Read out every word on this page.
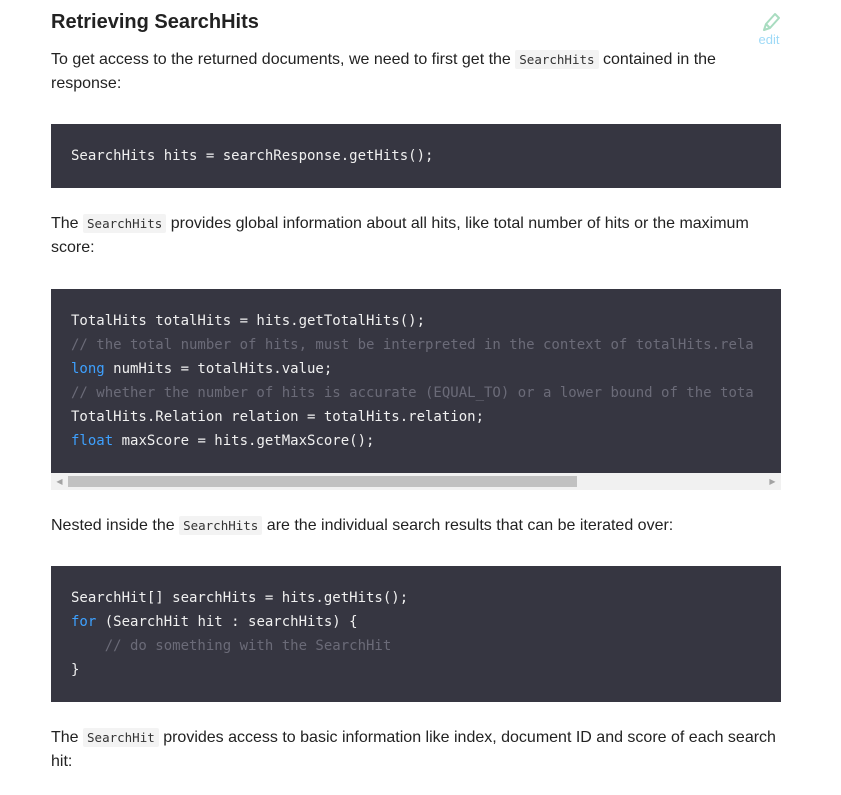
Retrieving SearchHits
edit

To get access to the returned documents, we need to first get the SearchHits contained in the response:

SearchHits hits = searchResponse.getHits();

The SearchHits provides global information about all hits, like total number of hits or the maximum score:

TotalHits totalHits = hits.getTotalHits();
// the total number of hits, must be interpreted in the context of totalHits.rela
long numHits = totalHits.value;
// whether the number of hits is accurate (EQUAL_TO) or a lower bound of the tota
TotalHits.Relation relation = totalHits.relation;
float maxScore = hits.getMaxScore();
◀	▶

Nested inside the SearchHits are the individual search results that can be iterated over:

SearchHit[] searchHits = hits.getHits();
for (SearchHit hit : searchHits) {
// do something with the SearchHit
}

The SearchHit provides access to basic information like index, document ID and score of each search hit:
